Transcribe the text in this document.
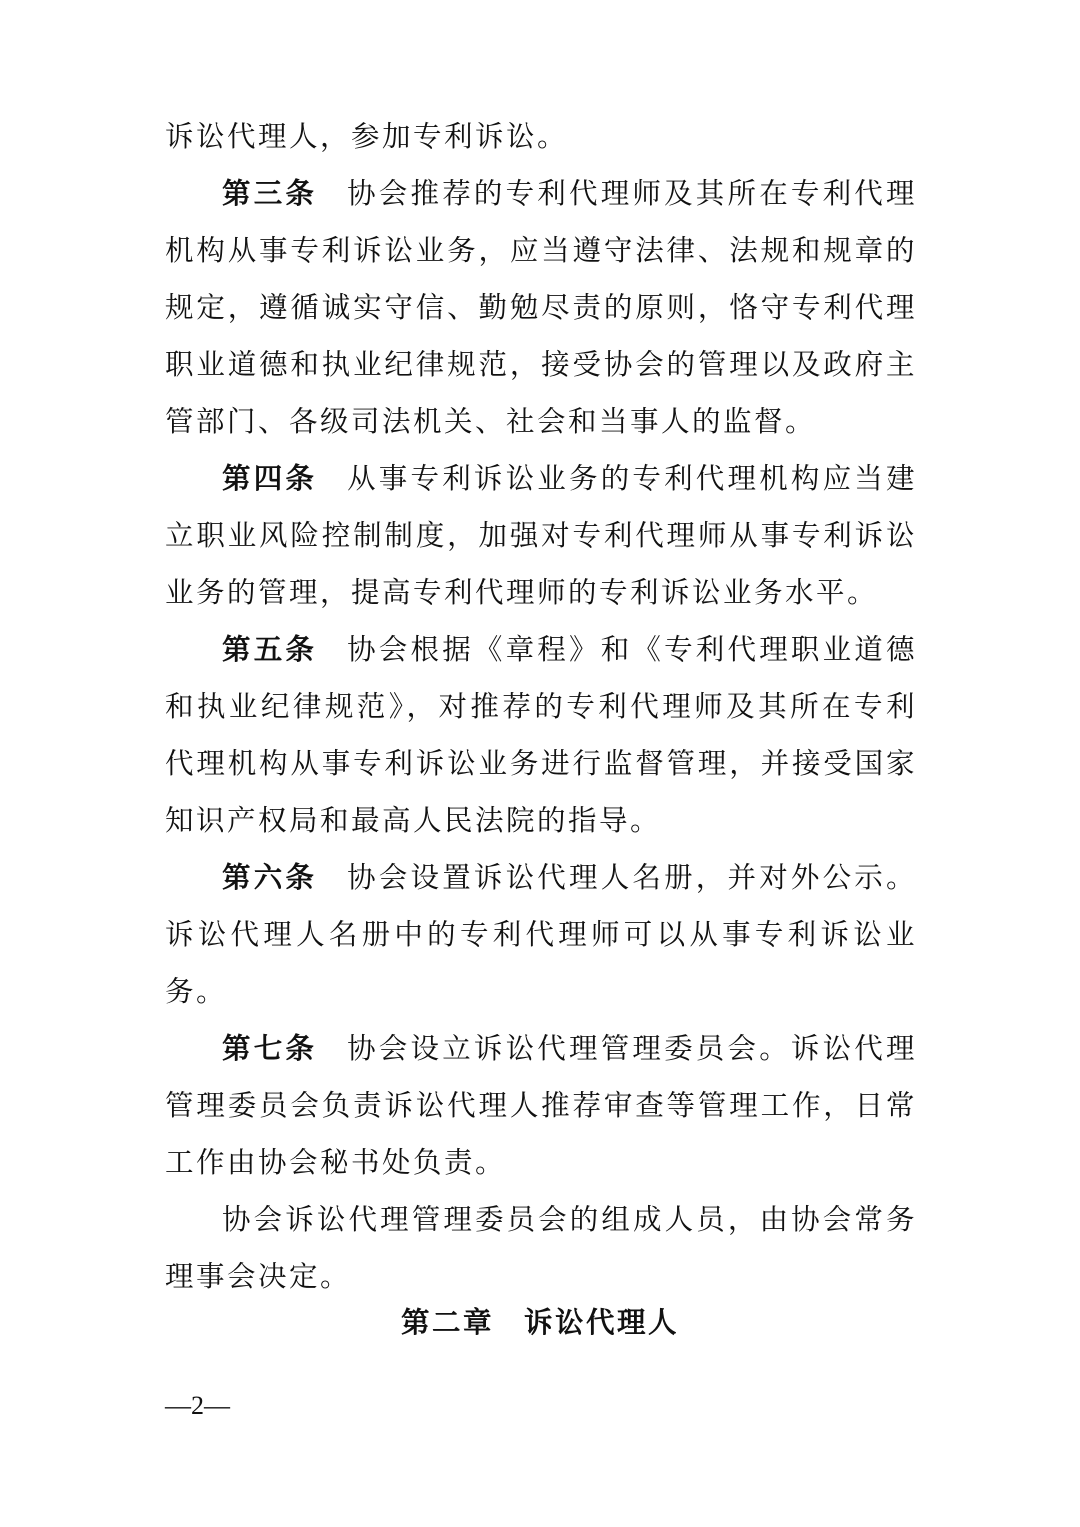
诉讼代理人，参加专利诉讼。

第三条 协会推荐的专利代理师及其所在专利代理机构从事专利诉讼业务，应当遵守法律、法规和规章的规定，遵循诚实守信、勤勉尽责的原则，恪守专利代理职业道德和执业纪律规范，接受协会的管理以及政府主管部门、各级司法机关、社会和当事人的监督。

第四条 从事专利诉讼业务的专利代理机构应当建立职业风险控制制度，加强对专利代理师从事专利诉讼业务的管理，提高专利代理师的专利诉讼业务水平。

第五条 协会根据《章程》和《专利代理职业道德和执业纪律规范》，对推荐的专利代理师及其所在专利代理机构从事专利诉讼业务进行监督管理，并接受国家知识产权局和最高人民法院的指导。

第六条 协会设置诉讼代理人名册，并对外公示。诉讼代理人名册中的专利代理师可以从事专利诉讼业务。

第七条 协会设立诉讼代理管理委员会。诉讼代理管理委员会负责诉讼代理人推荐审查等管理工作，日常工作由协会秘书处负责。

协会诉讼代理管理委员会的组成人员，由协会常务理事会决定。

第二章 诉讼代理人
—2—
